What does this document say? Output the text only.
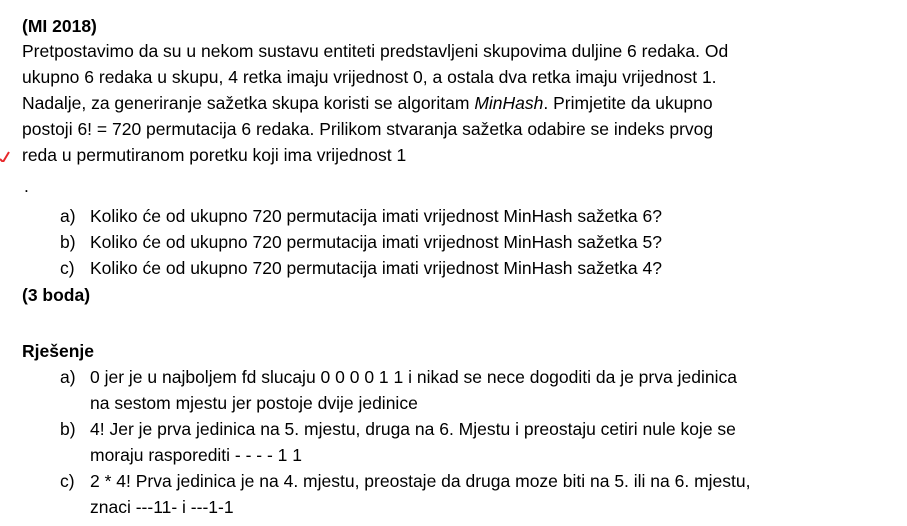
(MI 2018)
Pretpostavimo da su u nekom sustavu entiteti predstavljeni skupovima duljine 6 redaka. Od
ukupno 6 redaka u skupu, 4 retka imaju vrijednost 0, a ostala dva retka imaju vrijednost 1.
Nadalje, za generiranje sažetka skupa koristi se algoritam MinHash. Primjetite da ukupno
postoji 6! = 720 permutacija 6 redaka. Prilikom stvaranja sažetka odabire se indeks prvog
reda u permutiranom poretku koji ima vrijednost 1
.
a) Koliko će od ukupno 720 permutacija imati vrijednost MinHash sažetka 6?
b) Koliko će od ukupno 720 permutacija imati vrijednost MinHash sažetka 5?
c) Koliko će od ukupno 720 permutacija imati vrijednost MinHash sažetka 4?
(3 boda)
Rješenje
a) 0 jer je u najboljem fd slucaju 0 0 0 0 1 1 i nikad se nece dogoditi da je prva jedinica
na sestom mjestu jer postoje dvije jedinice
b) 4! Jer je prva jedinica na 5. mjestu, druga na 6. Mjestu i preostaju cetiri nule koje se
moraju rasporediti - - - - 1 1
c) 2 * 4! Prva jedinica je na 4. mjestu, preostaje da druga moze biti na 5. ili na 6. mjestu,
znaci ---11- i ---1-1
